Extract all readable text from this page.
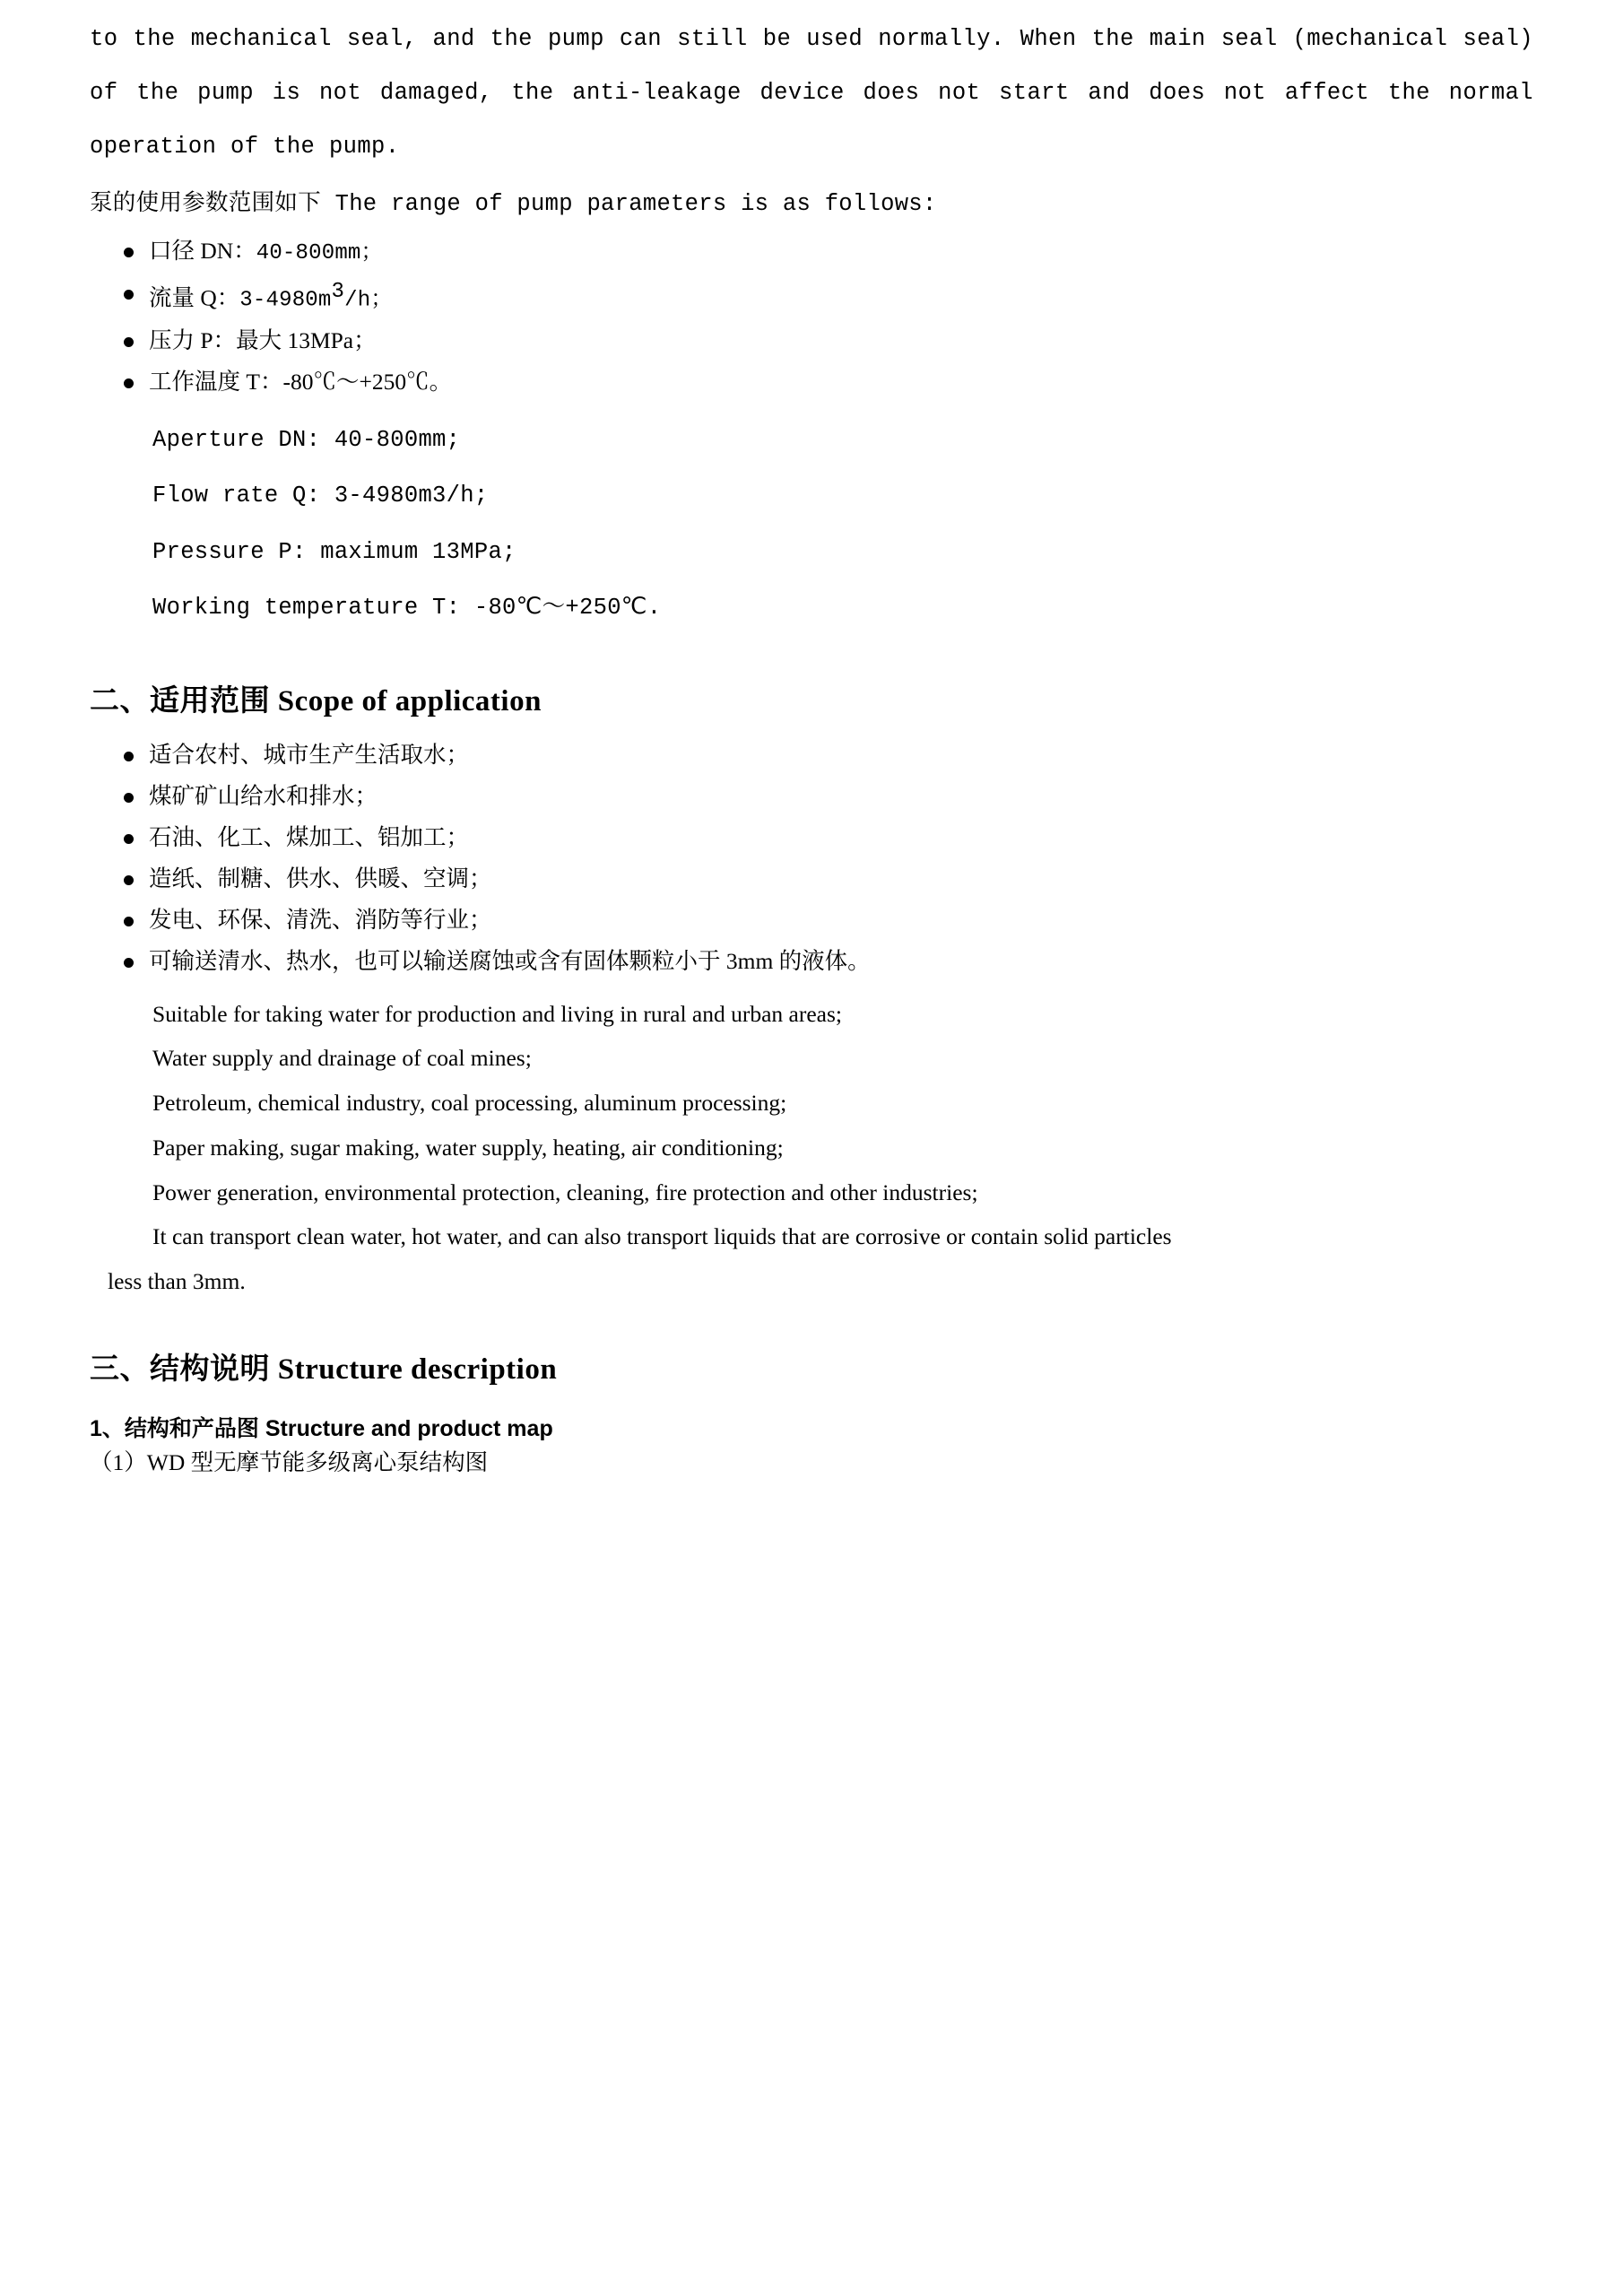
to the mechanical seal, and the pump can still be used normally. When the main seal (mechanical seal) of the pump is not damaged, the anti-leakage device does not start and does not affect the normal operation of the pump.

泵的使用参数范围如下 The range of pump parameters is as follows:

口径 DN：40-800mm；
流量 Q：$3-4980m^3/h$；
压力 P：最大 13MPa；
工作温度 T：-80℃～+250℃。

Aperture DN: 40-800mm;

Flow rate Q: 3-4980m3/h;

Pressure P: maximum 13MPa;

Working temperature T: -80℃～+250℃.

二、适用范围 Scope of application
适合农村、城市生产生活取水；
煤矿矿山给水和排水；
石油、化工、煤加工、铝加工；
造纸、制糖、供水、供暖、空调；
发电、环保、清洗、消防等行业；
可输送清水、热水，也可以输送腐蚀或含有固体颗粒小于 3mm 的液体。

Suitable for taking water for production and living in rural and urban areas;

Water supply and drainage of coal mines;

Petroleum, chemical industry, coal processing, aluminum processing;

Paper making, sugar making, water supply, heating, air conditioning;

Power generation, environmental protection, cleaning, fire protection and other industries;

It can transport clean water, hot water, and can also transport liquids that are corrosive or contain solid particles

less than 3mm.

三、结构说明 Structure description
1、结构和产品图 Structure and product map

（1）WD 型无摩节能多级离心泵结构图
